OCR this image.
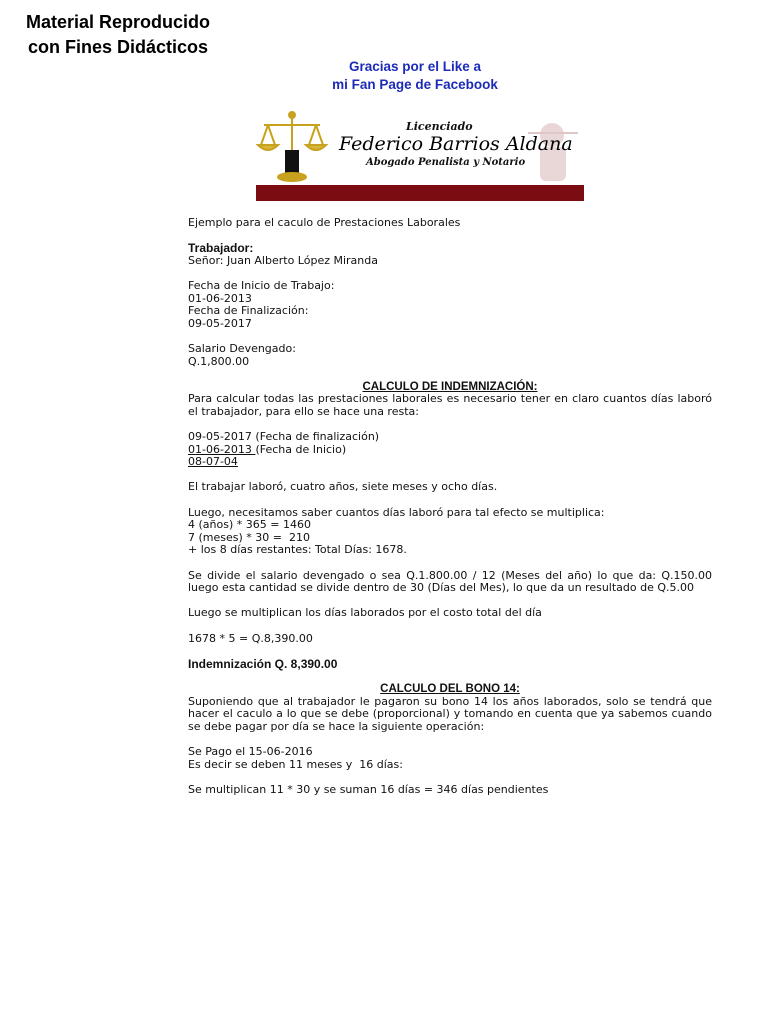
Material Reproducido
con Fines Didácticos
Gracias por el Like a
mi Fan Page de Facebook
Licenciado
Federico Barrios Aldana
Abogado Penalista y Notario

Ejemplo para el caculo de Prestaciones Laborales

Trabajador:

Señor: Juan Alberto López Miranda

Fecha de Inicio de Trabajo:

01-06-2013

Fecha de Finalización:

09-05-2017

Salario Devengado:

Q.1,800.00

CALCULO DE INDEMNIZACIÓN:

Para calcular todas las prestaciones laborales es necesario tener en claro cuantos días laboró el trabajador, para ello se hace una resta:

09-05-2017 (Fecha de finalización)

01-06-2013 (Fecha de Inicio)

08-07-04

El trabajar laboró, cuatro años, siete meses y ocho días.

Luego, necesitamos saber cuantos días laboró para tal efecto se multiplica:

4 (años) * 365 = 1460

7 (meses) * 30 =  210

+ los 8 días restantes: Total Días: 1678.

Se divide el salario devengado o sea Q.1.800.00 / 12 (Meses del año) lo que da: Q.150.00 luego esta cantidad se divide dentro de 30 (Días del Mes), lo que da un resultado de Q.5.00

Luego se multiplican los días laborados por el costo total del día

1678 * 5 = Q.8,390.00

Indemnización Q. 8,390.00

CALCULO DEL BONO 14:

Suponiendo que al trabajador le pagaron su bono 14 los años laborados, solo se tendrá que hacer el caculo a lo que se debe (proporcional) y tomando en cuenta que ya sabemos cuando se debe pagar por día se hace la siguiente operación:

Se Pago el 15-06-2016

Es decir se deben 11 meses y  16 días:

Se multiplican 11 * 30 y se suman 16 días = 346 días pendientes
